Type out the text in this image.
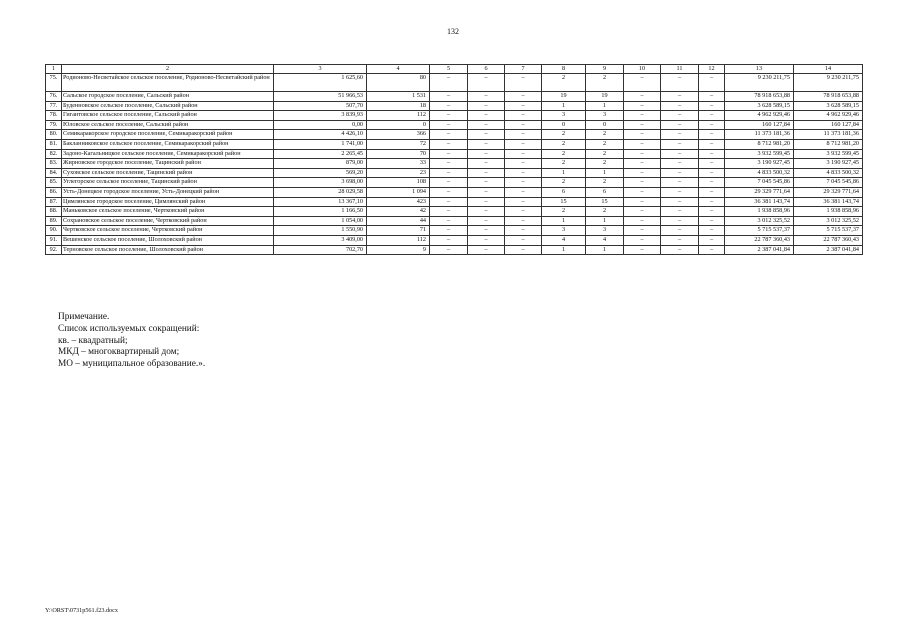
132
1	2	3	4	5	6	7	8	9	10	11	12	13	14
75.	Родионово-Несветайское сельское поселение, Родионово-Несветайский район	1 625,60	80	–	–	–	2	2	–	–	–	9 230 211,75	9 230 211,75
76.	Сальское городское поселение, Сальский район	51 966,53	1 531	–	–	–	19	19	–	–	–	78 918 653,88	78 918 653,88
77.	Буденновское сельское поселение, Сальский район	507,70	18	–	–	–	1	1	–	–	–	3 628 589,15	3 628 589,15
78.	Гигантовское сельское поселение, Сальский район	3 839,93	112	–	–	–	3	3	–	–	–	4 962 929,46	4 962 929,46
79.	Юловское сельское поселение, Сальский район	0,00	0	–	–	–	0	0	–	–	–	160 127,84	160 127,84
80.	Семикаракорское городское поселение, Семикаракорский район	4 426,10	366	–	–	–	2	2	–	–	–	11 373 181,36	11 373 181,36
81.	Бакланниковское сельское поселение, Семикаракорский район	1 741,00	72	–	–	–	2	2	–	–	–	8 712 981,20	8 712 981,20
82.	Задоно-Кагальницкое сельское поселение, Семикаракорский район	2 265,45	70	–	–	–	2	2	–	–	–	3 932 599,45	3 932 599,45
83.	Жирновское городское поселение, Тацинский район	879,00	33	–	–	–	2	2	–	–	–	3 190 927,45	3 190 927,45
84.	Суховское сельское поселение, Тацинский район	569,20	23	–	–	–	1	1	–	–	–	4 833 500,32	4 833 500,32
85.	Углегорское сельское поселение, Тацинский район	3 698,00	108	–	–	–	2	2	–	–	–	7 045 545,86	7 045 545,86
86.	Усть-Донецкое городское поселение, Усть-Донецкий район	28 029,58	1 094	–	–	–	6	6	–	–	–	29 329 771,64	29 329 771,64
87.	Цимлянское городское поселение, Цимлянский район	13 367,10	423	–	–	–	15	15	–	–	–	36 381 143,74	36 381 143,74
88.	Маньковское сельское поселение, Чертковский район	1 166,50	42	–	–	–	2	2	–	–	–	1 938 858,96	1 938 858,96
89.	Сохрановское сельское поселение, Чертковский район	1 054,00	44	–	–	–	1	1	–	–	–	3 012 325,52	3 012 325,52
90.	Чертковское сельское поселение, Чертковский район	1 550,90	71	–	–	–	3	3	–	–	–	5 715 537,37	5 715 537,37
91.	Вешенское сельское поселение, Шолоховский район	3 409,00	112	–	–	–	4	4	–	–	–	22 787 360,43	22 787 360,43
92.	Терновское сельское поселение, Шолоховский район	702,70	9	–	–	–	1	1	–	–	–	2 387 041,84	2 387 041,84
Примечание.
Список используемых сокращений:
кв. – квадратный;
МКД – многоквартирный дом;
МО – муниципальное образование.».
Y:\ORST\0731p561.f23.docx
